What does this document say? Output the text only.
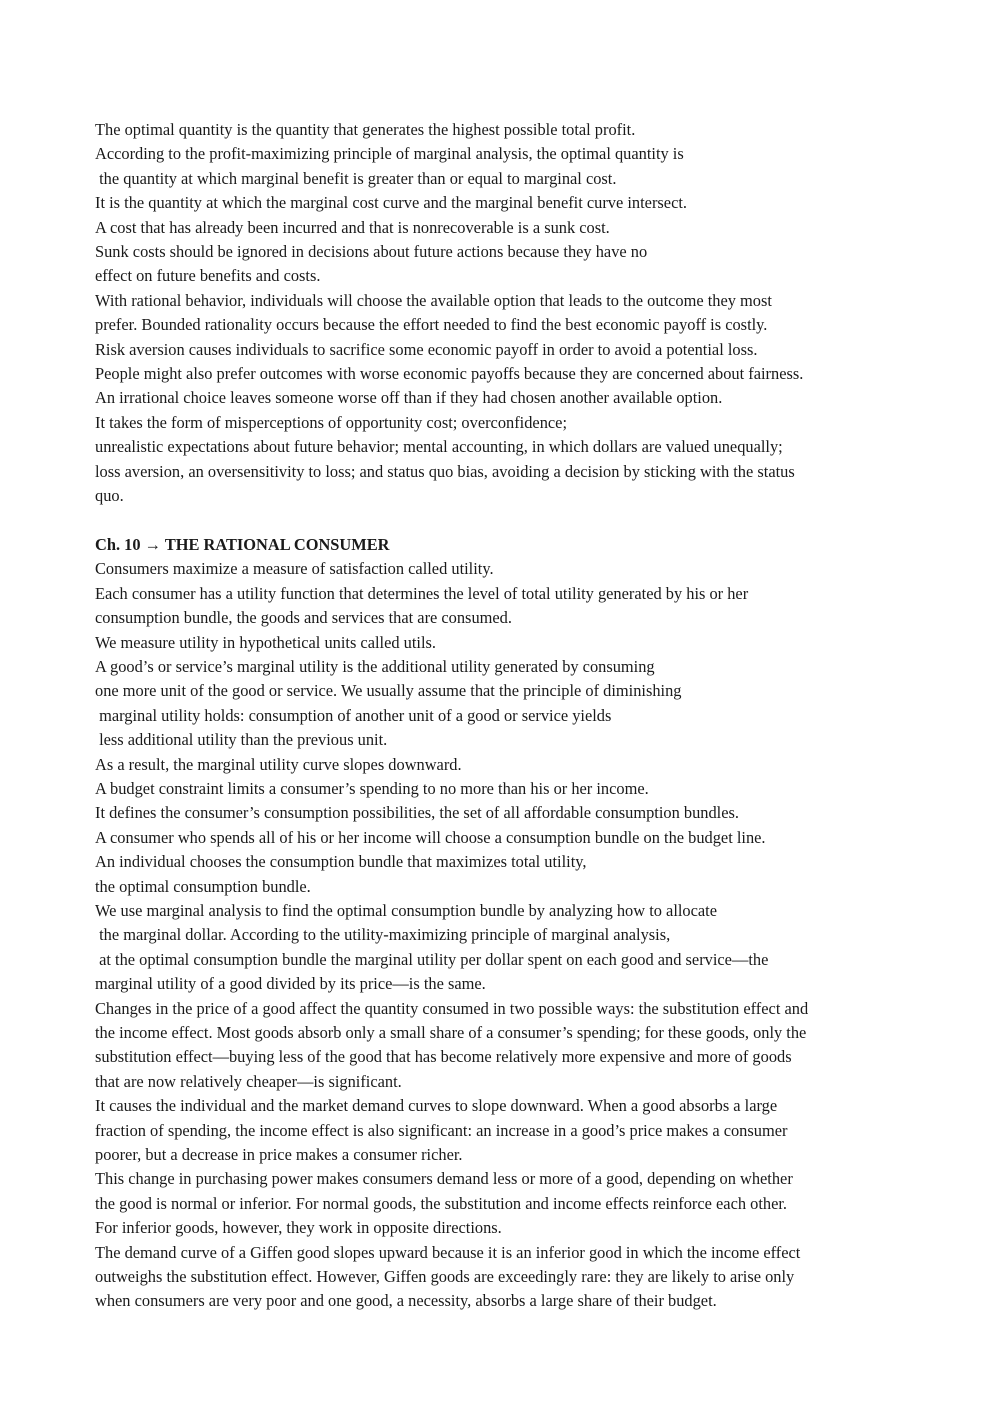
The optimal quantity is the quantity that generates the highest possible total profit.
According to the profit-maximizing principle of marginal analysis, the optimal quantity is
the quantity at which marginal benefit is greater than or equal to marginal cost.
It is the quantity at which the marginal cost curve and the marginal benefit curve intersect.
A cost that has already been incurred and that is nonrecoverable is a sunk cost.
Sunk costs should be ignored in decisions about future actions because they have no
effect on future benefits and costs.
With rational behavior, individuals will choose the available option that leads to the outcome they most
prefer. Bounded rationality occurs because the effort needed to find the best economic payoff is costly.
Risk aversion causes individuals to sacrifice some economic payoff in order to avoid a potential loss.
People might also prefer outcomes with worse economic payoffs because they are concerned about fairness.
An irrational choice leaves someone worse off than if they had chosen another available option.
It takes the form of misperceptions of opportunity cost; overconfidence;
unrealistic expectations about future behavior; mental accounting, in which dollars are valued unequally;
loss aversion, an oversensitivity to loss; and status quo bias, avoiding a decision by sticking with the status
quo.
Ch. 10 → THE RATIONAL CONSUMER
Consumers maximize a measure of satisfaction called utility.
Each consumer has a utility function that determines the level of total utility generated by his or her
consumption bundle, the goods and services that are consumed.
We measure utility in hypothetical units called utils.
A good’s or service’s marginal utility is the additional utility generated by consuming
one more unit of the good or service. We usually assume that the principle of diminishing
marginal utility holds: consumption of another unit of a good or service yields
less additional utility than the previous unit.
As a result, the marginal utility curve slopes downward.
A budget constraint limits a consumer’s spending to no more than his or her income.
It defines the consumer’s consumption possibilities, the set of all affordable consumption bundles.
A consumer who spends all of his or her income will choose a consumption bundle on the budget line.
An individual chooses the consumption bundle that maximizes total utility,
the optimal consumption bundle.
We use marginal analysis to find the optimal consumption bundle by analyzing how to allocate
the marginal dollar. According to the utility-maximizing principle of marginal analysis,
at the optimal consumption bundle the marginal utility per dollar spent on each good and service—the
marginal utility of a good divided by its price—is the same.
Changes in the price of a good affect the quantity consumed in two possible ways: the substitution effect and
the income effect. Most goods absorb only a small share of a consumer’s spending; for these goods, only the
substitution effect—buying less of the good that has become relatively more expensive and more of goods
that are now relatively cheaper—is significant.
It causes the individual and the market demand curves to slope downward. When a good absorbs a large
fraction of spending, the income effect is also significant: an increase in a good’s price makes a consumer
poorer, but a decrease in price makes a consumer richer.
This change in purchasing power makes consumers demand less or more of a good, depending on whether
the good is normal or inferior. For normal goods, the substitution and income effects reinforce each other.
For inferior goods, however, they work in opposite directions.
The demand curve of a Giffen good slopes upward because it is an inferior good in which the income effect
outweighs the substitution effect. However, Giffen goods are exceedingly rare: they are likely to arise only
when consumers are very poor and one good, a necessity, absorbs a large share of their budget.
